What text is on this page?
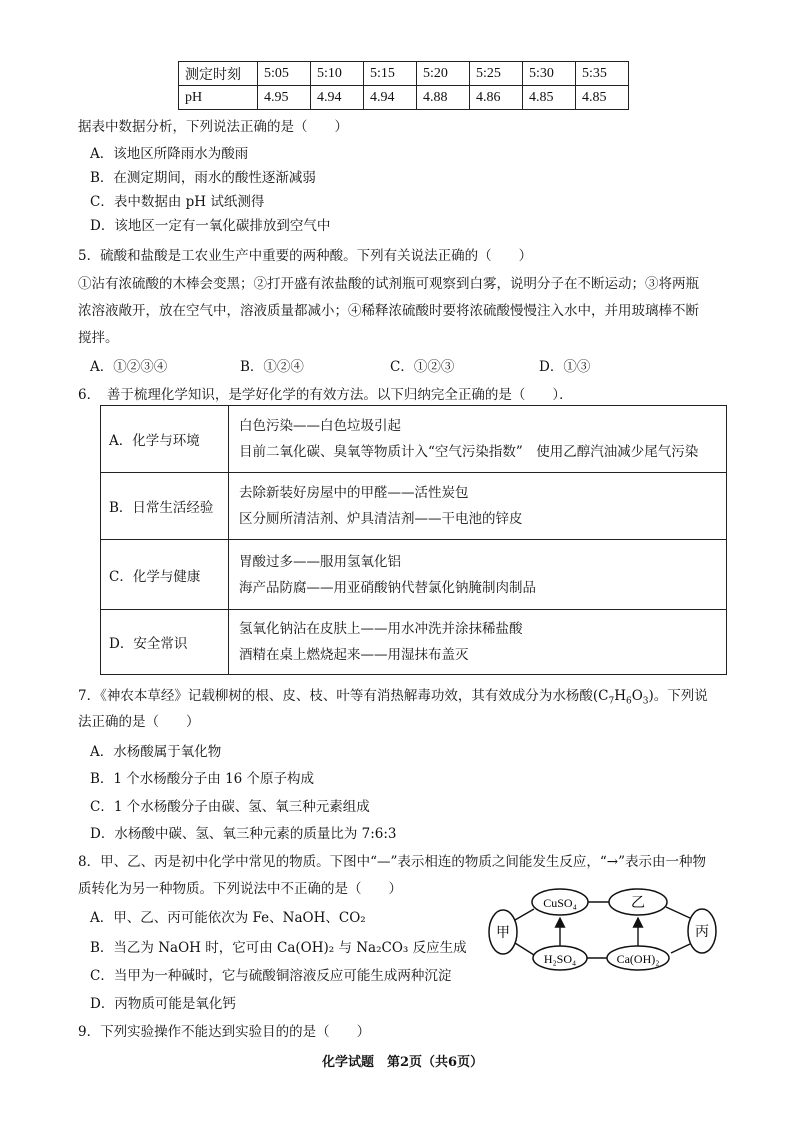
测定时刻	5:05	5:10	5:15	5:20	5:25	5:30	5:35
pH	4.95	4.94	4.94	4.88	4.86	4.85	4.85
据表中数据分析，下列说法正确的是（　　）
A．该地区所降雨水为酸雨
B．在测定期间，雨水的酸性逐渐减弱
C．表中数据由 pH 试纸测得
D．该地区一定有一氧化碳排放到空气中
5．硫酸和盐酸是工农业生产中重要的两种酸。下列有关说法正确的（　　）
①沾有浓硫酸的木棒会变黑；②打开盛有浓盐酸的试剂瓶可观察到白雾，说明分子在不断运动；③将两瓶
浓溶液敞开，放在空气中，溶液质量都减小；④稀释浓硫酸时要将浓硫酸慢慢注入水中，并用玻璃棒不断
搅拌。
A．①②③④	B．①②④	C．①②③	D．①③
6．　善于梳理化学知识，是学好化学的有效方法。以下归纳完全正确的是（　　）．
A．化学与环境	白色污染——白色垃圾引起
目前二氧化碳、臭氧等物质计入“空气污染指数”　使用乙醇汽油减少尾气污染

B．日常生活经验	去除新装好房屋中的甲醛——活性炭包
区分厕所清洁剂、炉具清洁剂——干电池的锌皮

C．化学与健康	胃酸过多——服用氢氧化铝
海产品防腐——用亚硝酸钠代替氯化钠腌制肉制品

D．安全常识	氢氧化钠沾在皮肤上——用水冲洗并涂抹稀盐酸
酒精在桌上燃烧起来——用湿抹布盖灭
7．《神农本草经》记载柳树的根、皮、枝、叶等有消热解毒功效，其有效成分为水杨酸$(C_7H_6O_3)$。下列说
法正确的是（　　）
A．水杨酸属于氧化物
B．1 个水杨酸分子由 16 个原子构成
C．1 个水杨酸分子由碳、氢、氧三种元素组成
D．水杨酸中碳、氢、氧三种元素的质量比为 7:6:3
8．甲、乙、丙是初中化学中常见的物质。下图中“—”表示相连的物质之间能发生反应，“→”表示由一种物
质转化为另一种物质。下列说法中不正确的是（　　）
A．甲、乙、丙可能依次为 Fe、NaOH、CO₂
B．当乙为 NaOH 时，它可由 Ca(OH)₂ 与 Na₂CO₃ 反应生成
C．当甲为一种碱时，它与硫酸铜溶液反应可能生成两种沉淀
D．丙物质可能是氧化钙
甲
CuSO₄	乙
丙
H₂SO₄	Ca(OH)₂
9．下列实验操作不能达到实验目的的是（　　）
化学试题　第2页（共6页）
